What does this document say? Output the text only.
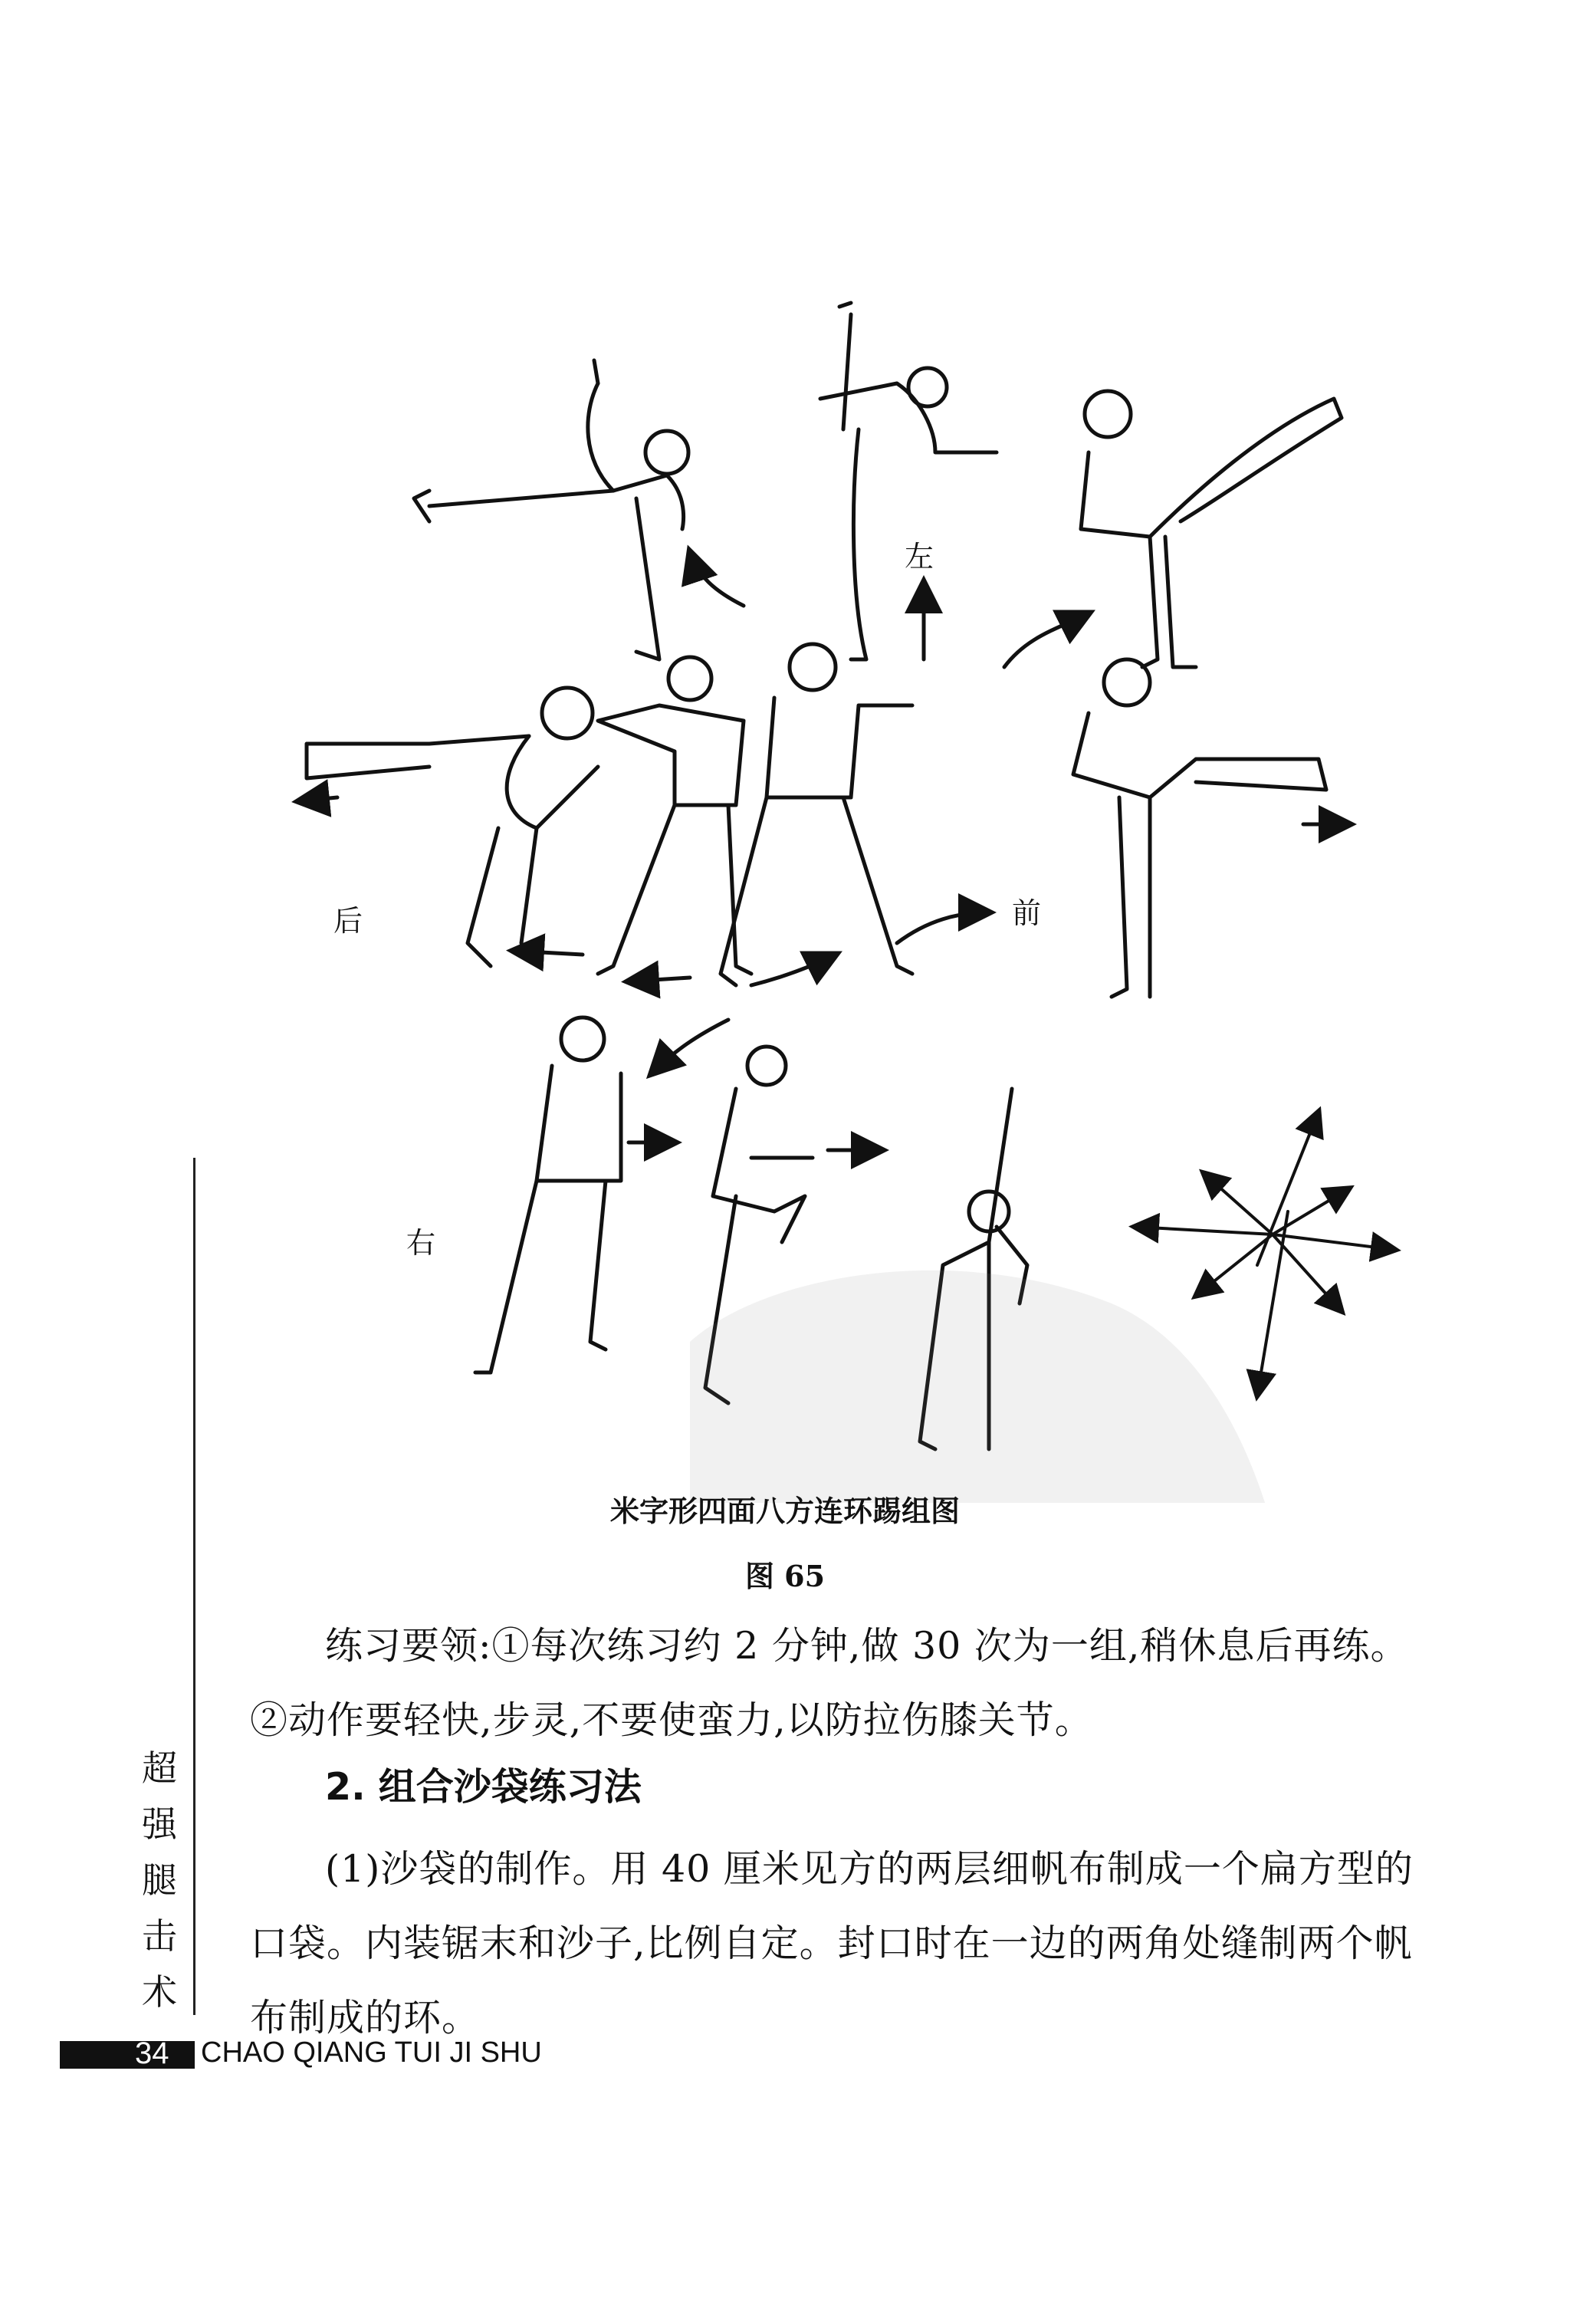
左
后	前
右
米字形四面八方连环踢组图
图 65
练习要领:①每次练习约 2 分钟,做 30 次为一组,稍休息后再练。②动作要轻快,步灵,不要使蛮力,以防拉伤膝关节。
2. 组合沙袋练习法
(1)沙袋的制作。用 40 厘米见方的两层细帆布制成一个扁方型的口袋。内装锯末和沙子,比例自定。封口时在一边的两角处缝制两个帆布制成的环。
超强腿击术
34 CHAO QIANG TUI JI SHU
